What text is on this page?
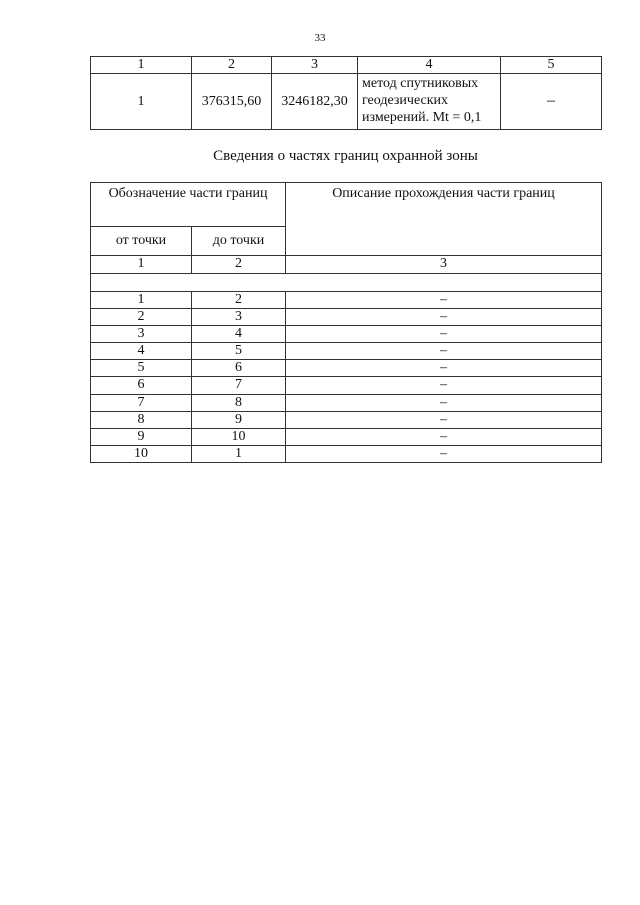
33
1	2	3	4	5
1	376315,60	3246182,30	метод спутниковых
геодезических
измерений. Mt = 0,1	–
Сведения о частях границ охранной зоны
Обозначение части границ		Описание прохождения части границ
от точки	до точки	
1	2	3

1	2	–
2	3	–
3	4	–
4	5	–
5	6	–
6	7	–
7	8	–
8	9	–
9	10	–
10	1	–
